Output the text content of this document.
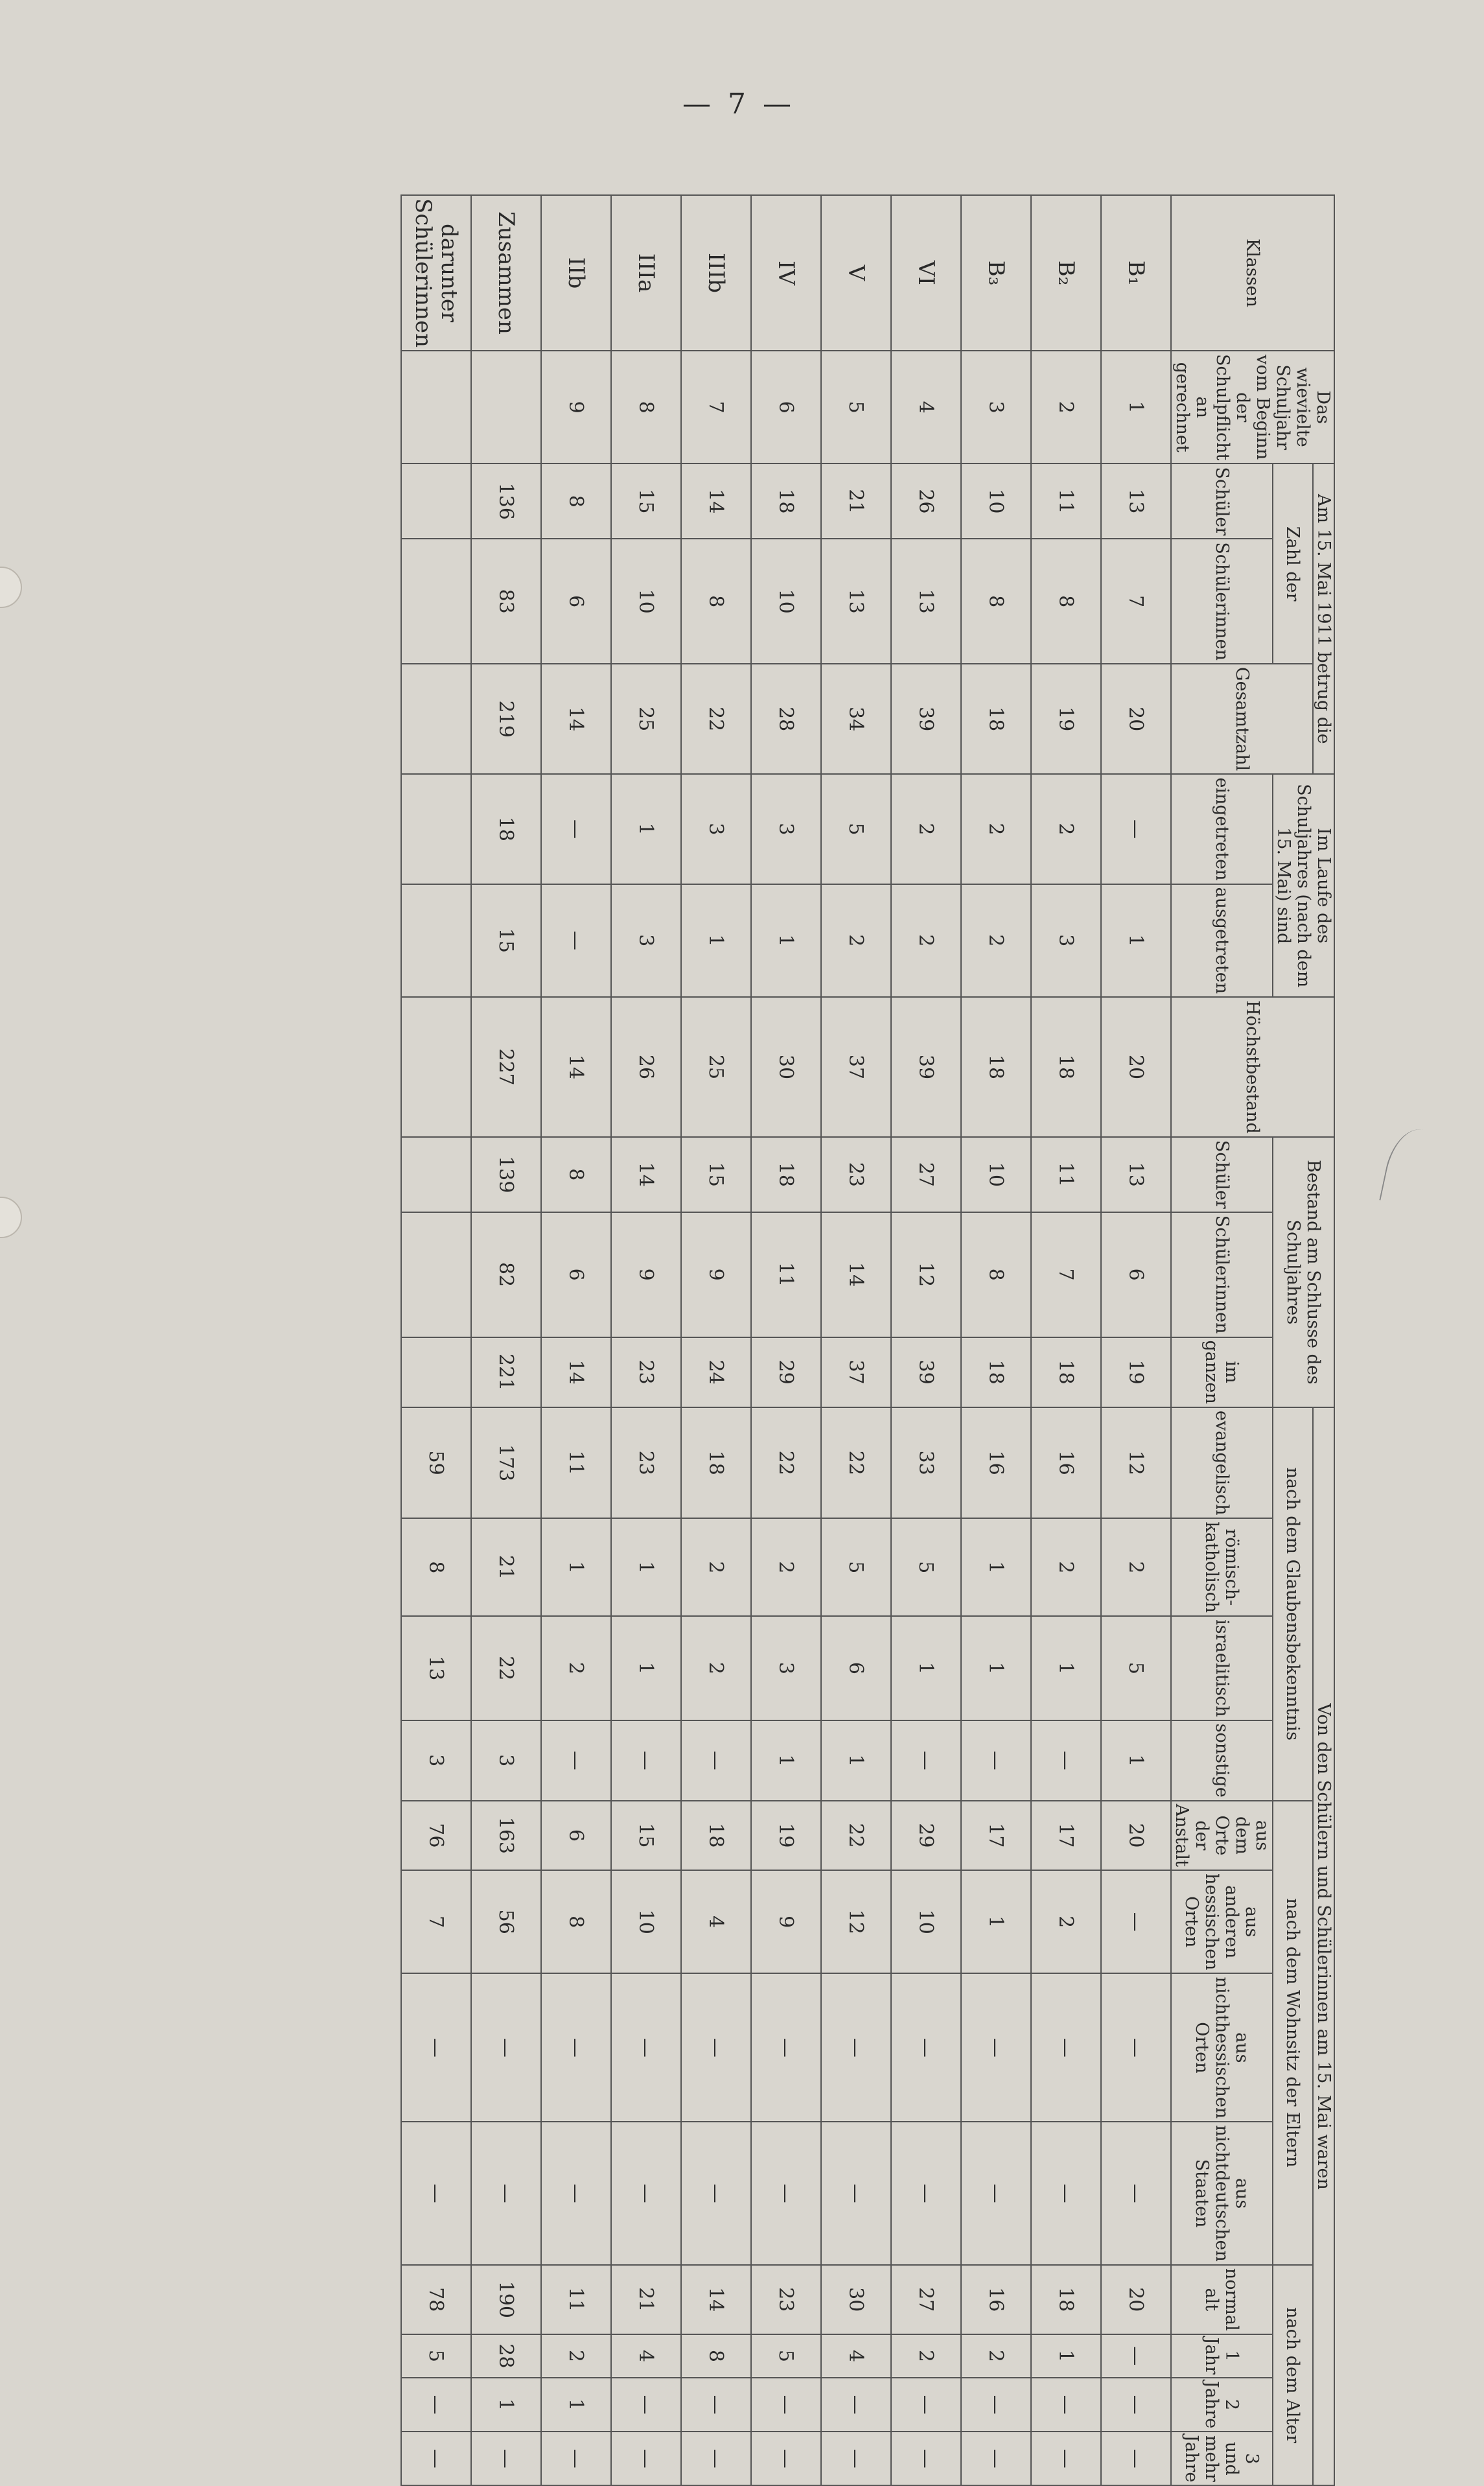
— 7 —
Klassen	Das wievielte Schuljahr vom Beginn der Schulpflicht an gerechnet	Am 15. Mai 1911 betrug die			Im Laufe des Schuljahres (nach dem 15. Mai) sind		Höchstbestand	Bestand am Schlusse des Schuljahres			Von den Schülern und Schülerinnen am 15. Mai waren											
		Zahl der		Gesamtzahl							nach dem Glaubensbekenntnis				nach dem Wohnsitz der Eltern				nach dem Alter			
		Schüler	Schülerinnen		eingetreten	ausgetreten		Schüler	Schülerinnen	im ganzen	evangelisch	römisch-katholisch	israelitisch	sonstige	aus dem Orte der Anstalt	aus anderen hessischen Orten	aus nichthessischen Orten	aus nichtdeutschen Staaten	normal alt	1 Jahr	2 Jahre	3 und mehr Jahre
B₁	1	13	7	20	—	1	20	13	6	19	12	2	5	1	20	—	—	—	20	—	—	—
B₂	2	11	8	19	2	3	18	11	7	18	16	2	1	—	17	2	—	—	18	1	—	—
B₃	3	10	8	18	2	2	18	10	8	18	16	1	1	—	17	1	—	—	16	2	—	—
VI	4	26	13	39	2	2	39	27	12	39	33	5	1	—	29	10	—	—	27	2	—	—
V	5	21	13	34	5	2	37	23	14	37	22	5	6	1	22	12	—	—	30	4	—	—
IV	6	18	10	28	3	1	30	18	11	29	22	2	3	1	19	9	—	—	23	5	—	—
IIIb	7	14	8	22	3	1	25	15	9	24	18	2	2	—	18	4	—	—	14	8	—	—
IIIa	8	15	10	25	1	3	26	14	9	23	23	1	1	—	15	10	—	—	21	4	—	—
IIb	9	8	6	14	—	—	14	8	6	14	11	1	2	—	6	8	—	—	11	2	1	—
Zusammen		136	83	219	18	15	227	139	82	221	173	21	22	3	163	56	—	—	190	28	1	—
darunter Schülerinnen											59	8	13	3	76	7	—	—	78	5	—	—
